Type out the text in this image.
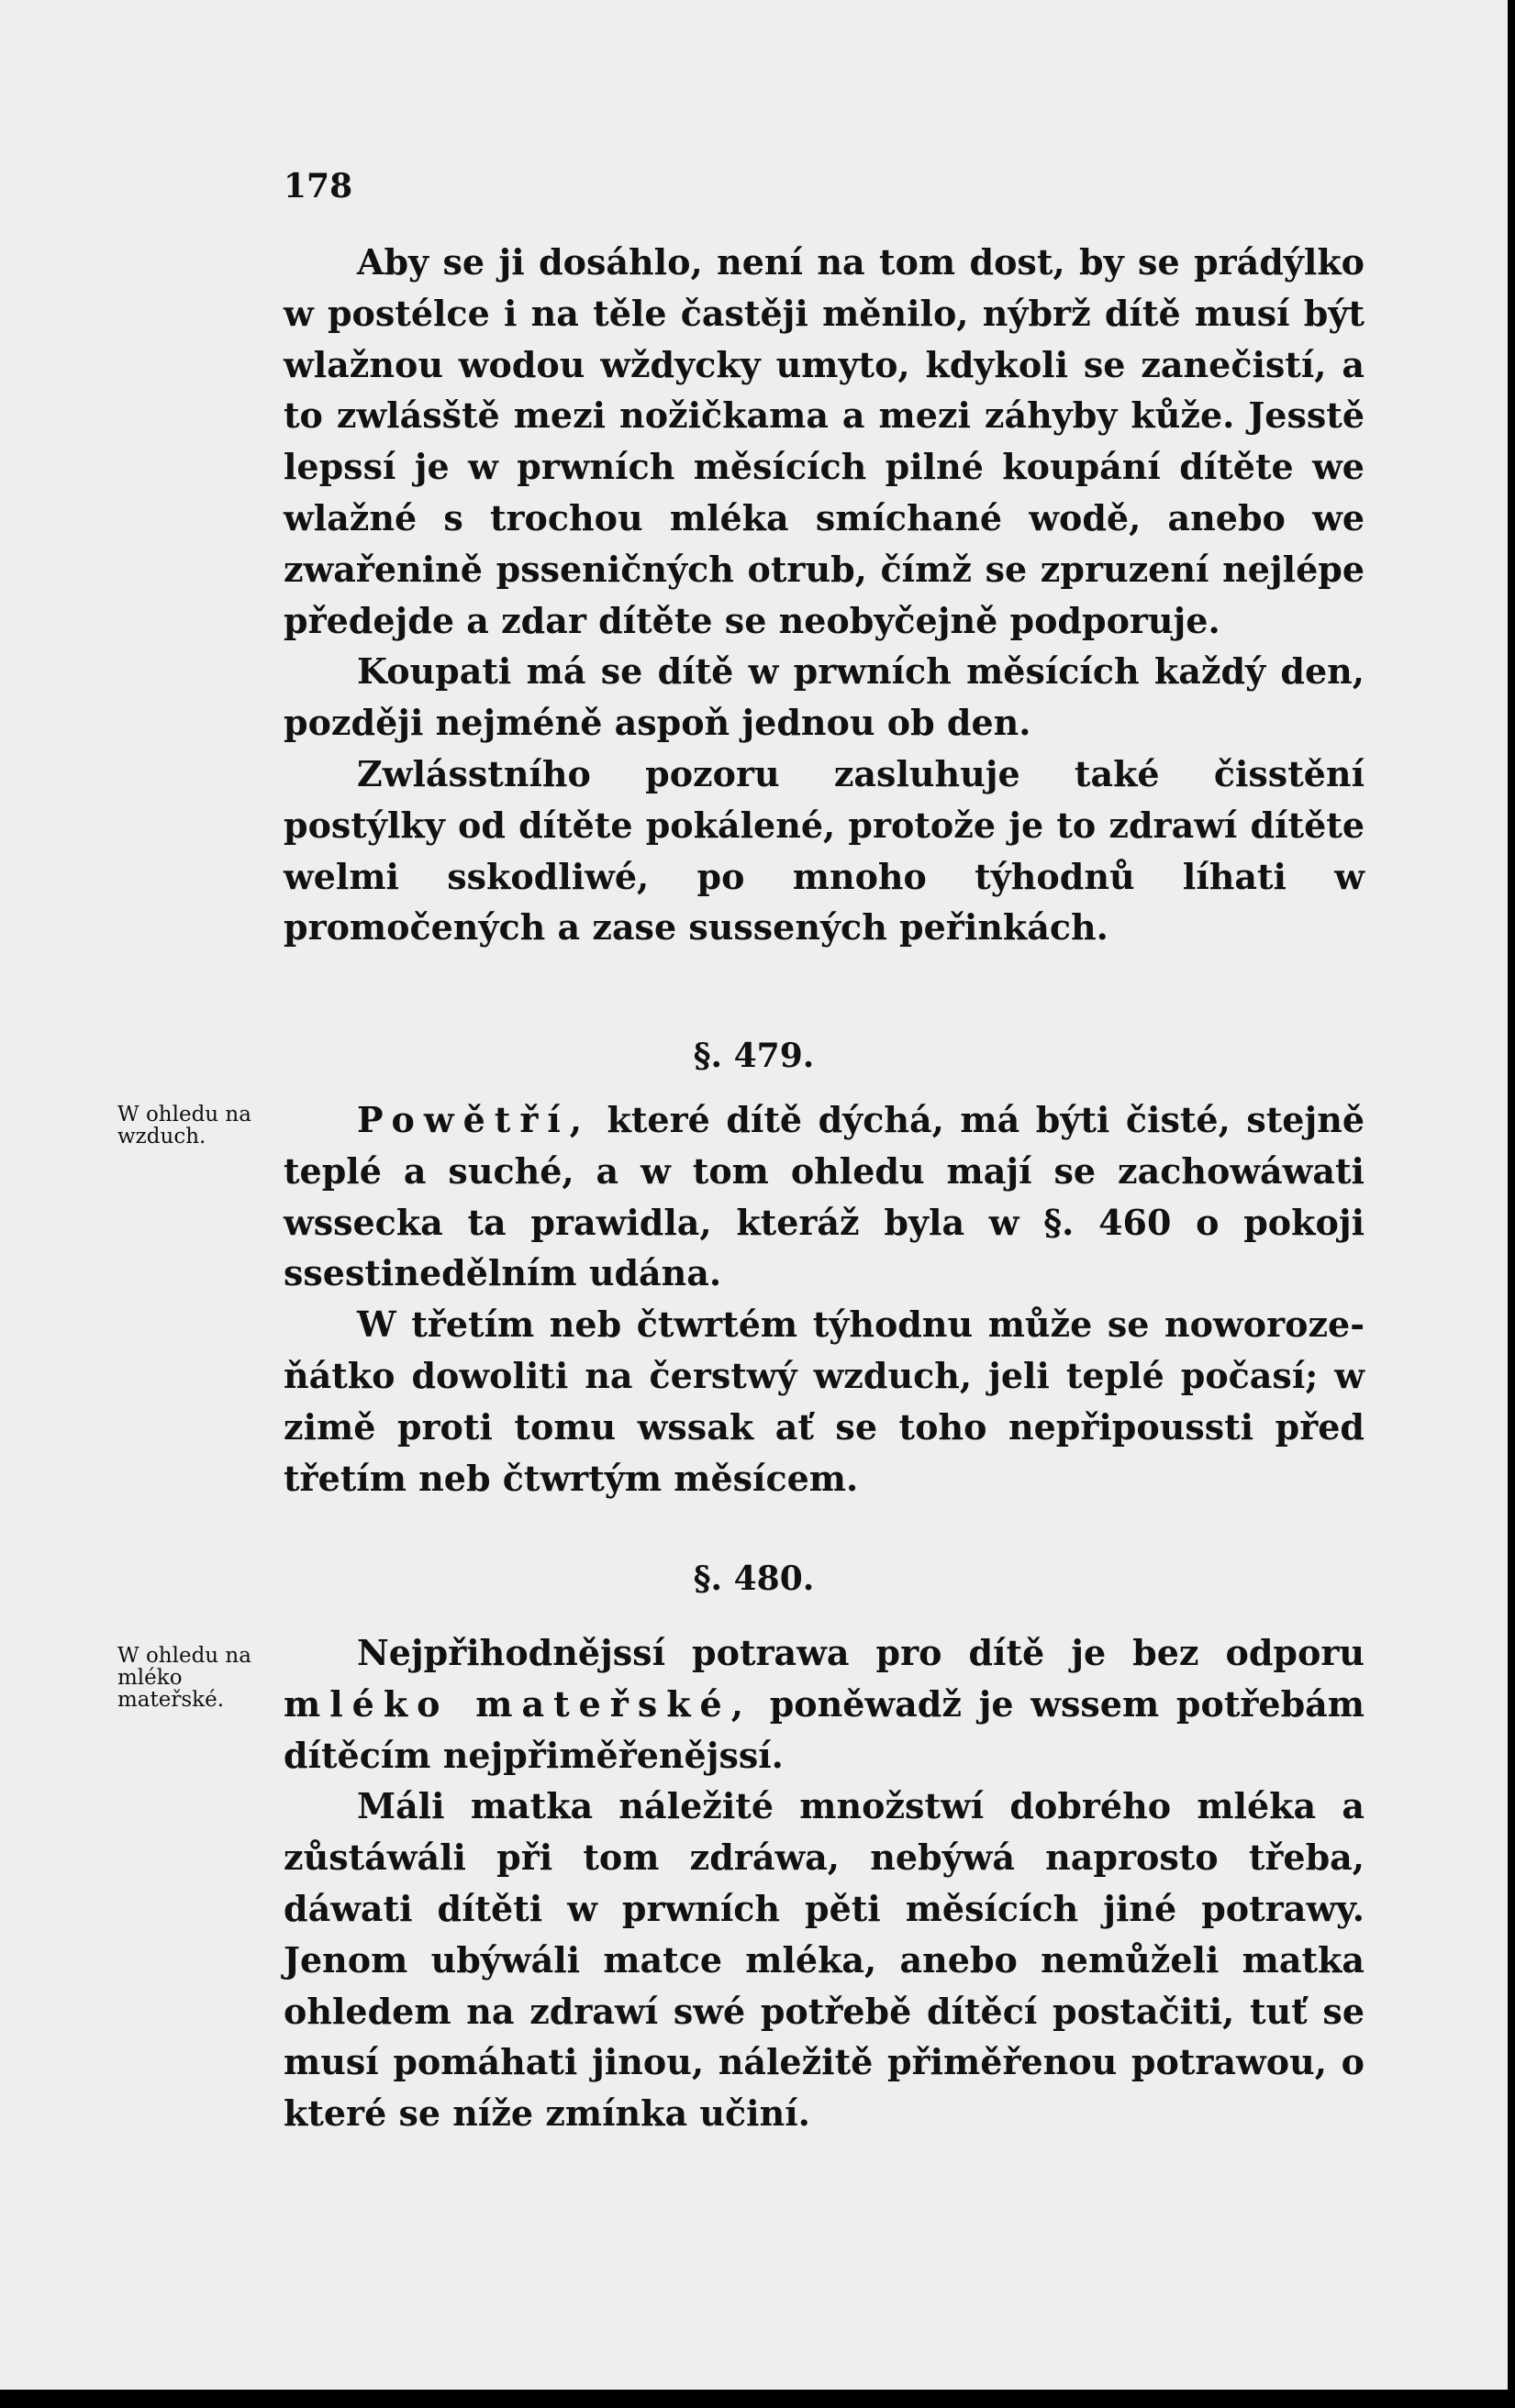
178

Aby se ji dosáhlo, není na tom dost, by se prádýlko w postélce i na těle častěji měnilo, nýbrž dítě musí být wlažnou wodou wždycky umyto, kdykoli se zanečistí, a to zwlásště mezi nožičkama a mezi záhyby kůže. Jesstě lepssí je w prwních měsících pilné koupání dítěte we wlažné s trochou mléka smíchané wodě, anebo we zwařenině psseničných otrub, čímž se zpruzení nejlépe předejde a zdar dítěte se neobyčejně podporuje.

Koupati má se dítě w prwních měsících každý den, později nejméně aspoň jednou ob den.

Zwlásstního pozoru zasluhuje také čisstění postýlky od dítěte pokálené, protože je to zdrawí dítěte welmi sskodliwé, po mnoho týhodnů líhati w promočených a zase sussených peřinkách.

§. 479.
W ohledu na wzduch.	Powětří, které dítě dýchá, má býti čisté, stejně teplé a suché, a w tom ohledu mají se zachowáwati wssecka ta prawidla, kteráž byla w §. 460 o pokoji ssestinedělním udána.

W třetím neb čtwrtém týhodnu může se noworozeňátko dowoliti na čerstwý wzduch, jeli teplé počasí; w zimě proti tomu wssak ať se toho nepřipoussti před třetím neb čtwrtým měsícem.

§. 480.
W ohledu na mléko mateřské.

Nejpřihodnějssí potrawa pro dítě je bez odporu mléko mateřské, poněwadž je wssem potřebám dítěcím nejpřiměřenějssí.

Máli matka náležité množstwí dobrého mléka a zůstáwáli při tom zdráwa, nebýwá naprosto třeba, dáwati dítěti w prwních pěti měsících jiné potrawy. Jenom ubýwáli matce mléka, anebo nemůželi matka ohledem na zdrawí swé potřebě dítěcí postačiti, tuť se musí pomáhati jinou, náležitě přiměřenou potrawou, o které se níže zmínka učiní.
